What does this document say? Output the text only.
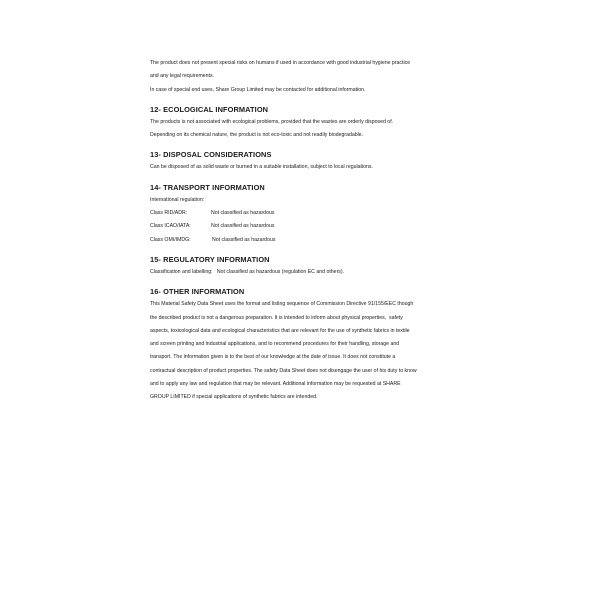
The product does not present special risks on humans if used in accordance with good industrial hygiene practice
and any legal requirements.
In case of special end uses, Share Group Limited may be contacted for additional information.
12- ECOLOGICAL INFORMATION
The products is not associated with ecological problems, provided that the wastes are orderly disposed of.
Depending on its chemical nature, the product is not eco-toxic and not readily biodegradable.
13- DISPOSAL CONSIDERATIONS
Can be disposed of as solid waste or burned in a suitable installation, subject to local regulations.
14- TRANSPORT INFORMATION
International regulation:
Class RID/ADR:	Not classified as hazardous
Class ICAO/IATA:	Not classified as hazardous
Class OMI/IMDG:	Not classified as hazardous
15- REGULATORY INFORMATION
Classification and labelling:   Not classified as hazardous (regulation EC and others).
16- OTHER INFORMATION
This Material Safety Data Sheet uses the format and listing sequence of Commission Directive 91/155/EEC though
the described product is not a dangerous preparation. It is intended to inform about physical properties,  safety
aspects, toxicological data and ecological characteristics that are relevant for the use of synthetic fabrics in textile
and screen printing and industrial applications, and to recommend procedures for their handling, storage and
transport. The information given is to the best of our knowledge at the date of issue. It does not constitute a
contractual description of product properties. The safety Data Sheet does not disengage the user of his duty to know
and to apply any law and regulation that may be relevant. Additional information may be requested at SHARE
GROUP LIMITED if special applications of synthetic fabrics are intended.
